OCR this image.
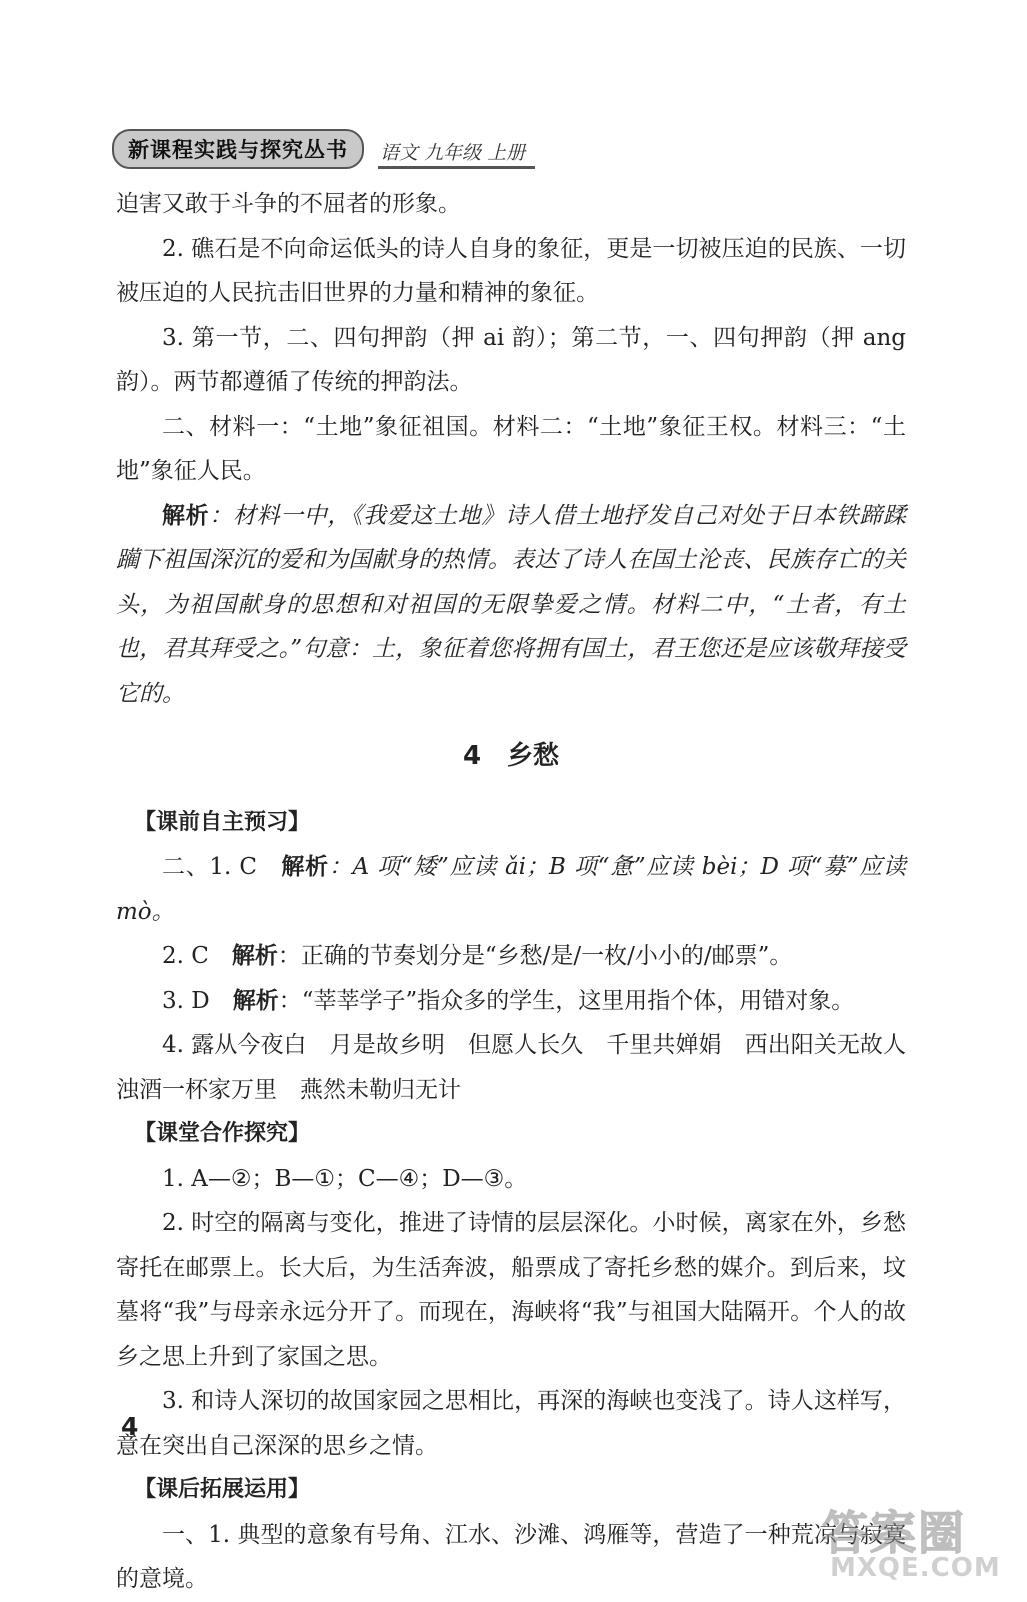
新课程实践与探究丛书	语文 九年级 上册

迫害又敢于斗争的不屈者的形象。

2. 礁石是不向命运低头的诗人自身的象征，更是一切被压迫的民族、一切被压迫的人民抗击旧世界的力量和精神的象征。

3. 第一节，二、四句押韵（押 ai 韵）；第二节，一、四句押韵（押 ang 韵）。两节都遵循了传统的押韵法。

二、材料一：“土地”象征祖国。材料二：“土地”象征王权。材料三：“土地”象征人民。

解析：材料一中，《我爱这土地》诗人借土地抒发自己对处于日本铁蹄蹂躏下祖国深沉的爱和为国献身的热情。表达了诗人在国土沦丧、民族存亡的关头，为祖国献身的思想和对祖国的无限挚爱之情。材料二中，“土者，有土也，君其拜受之。”句意：土，象征着您将拥有国土，君王您还是应该敬拜接受它的。

4　乡愁

【课前自主预习】

二、1. C　解析：A 项“矮”应读 ǎi；B 项“惫”应读 bèi；D 项“募”应读 mò。

2. C　解析：正确的节奏划分是“乡愁/是/一枚/小小的/邮票”。

3. D　解析：“莘莘学子”指众多的学生，这里用指个体，用错对象。

4. 露从今夜白　月是故乡明　但愿人长久　千里共婵娟　西出阳关无故人　浊酒一杯家万里　燕然未勒归无计

【课堂合作探究】

1. A—②；B—①；C—④；D—③。

2. 时空的隔离与变化，推进了诗情的层层深化。小时候，离家在外，乡愁寄托在邮票上。长大后，为生活奔波，船票成了寄托乡愁的媒介。到后来，坟墓将“我”与母亲永远分开了。而现在，海峡将“我”与祖国大陆隔开。个人的故乡之思上升到了家国之思。

3. 和诗人深切的故国家园之思相比，再深的海峡也变浅了。诗人这样写，意在突出自己深深的思乡之情。

【课后拓展运用】

一、1. 典型的意象有号角、江水、沙滩、鸿雁等，营造了一种荒凉与寂寞的意境。

4
答案圈
MXQE.COM
